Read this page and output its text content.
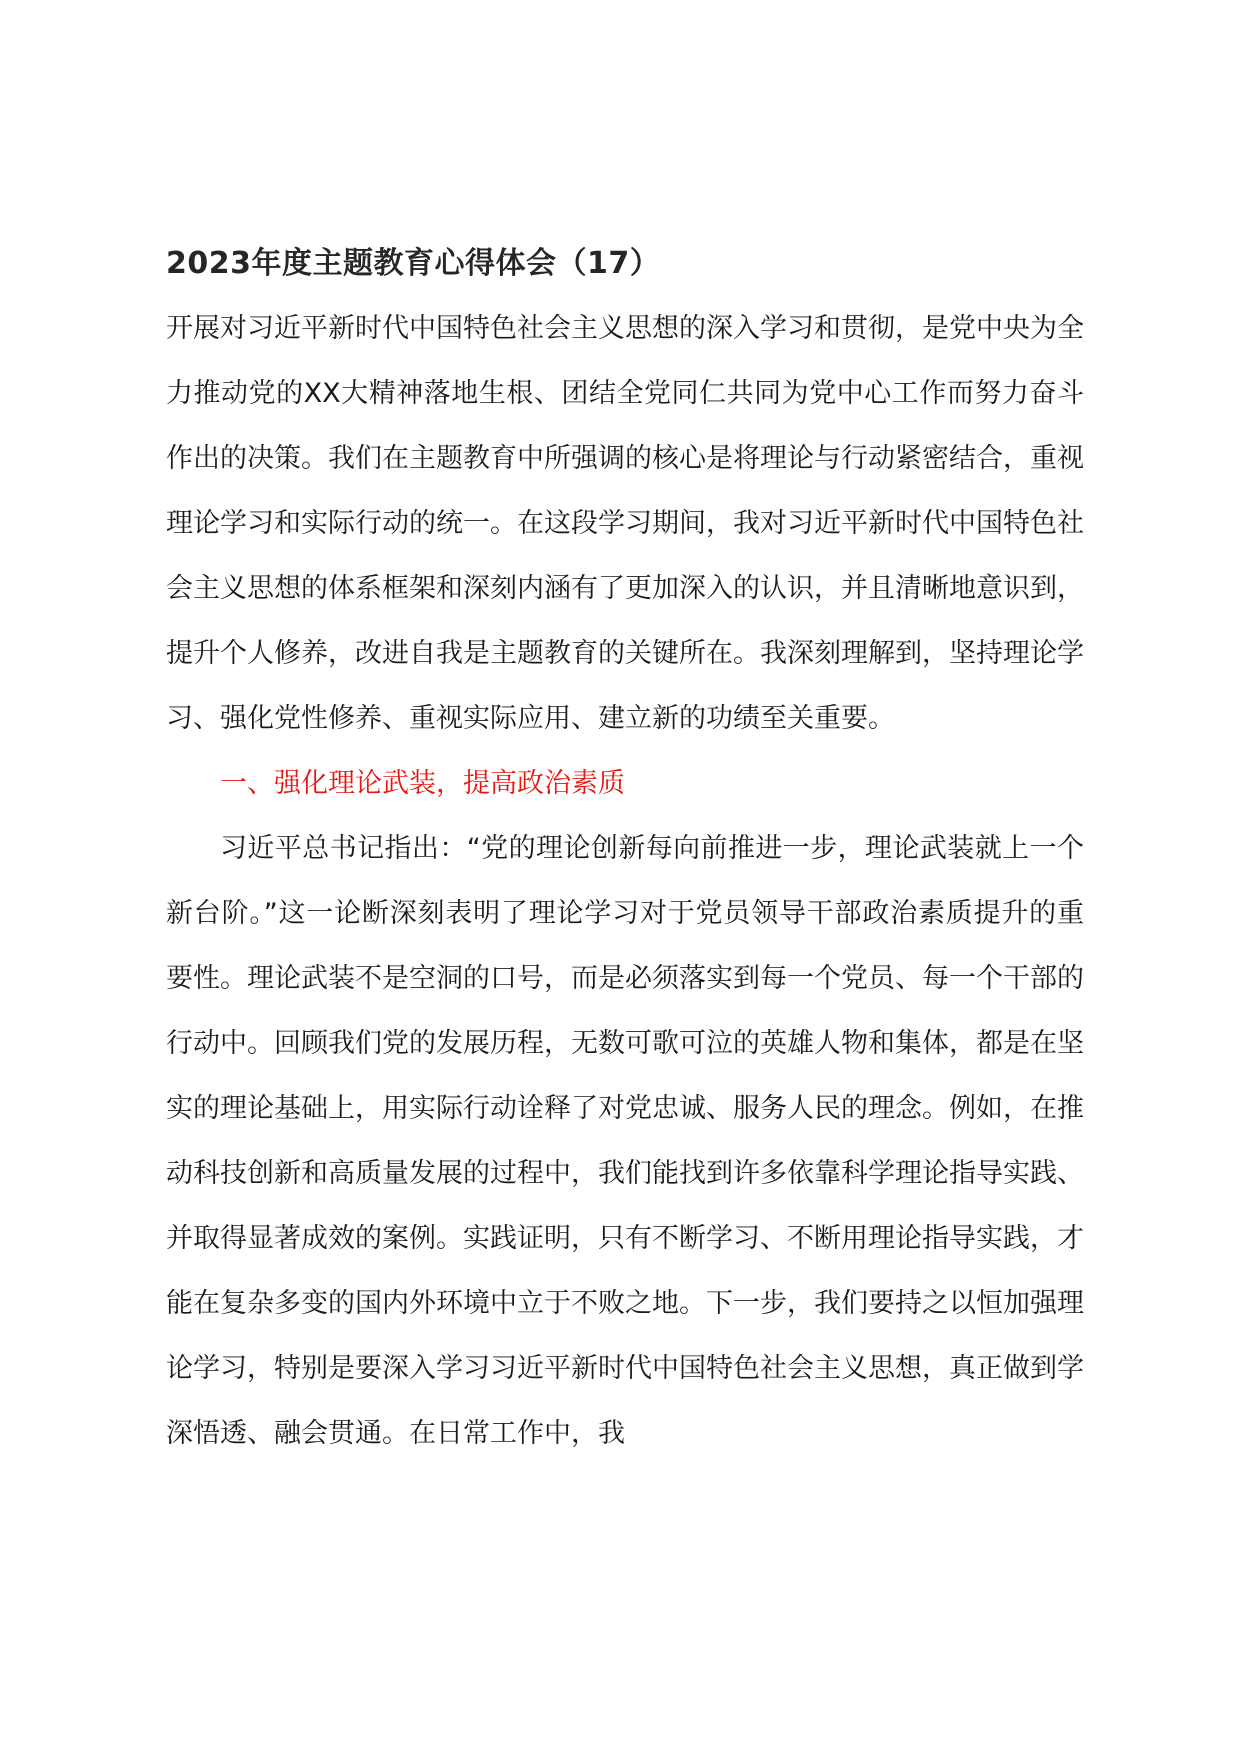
2023年度主题教育心得体会（17）

开展对习近平新时代中国特色社会主义思想的深入学习和贯彻，是党中央为全力推动党的XX大精神落地生根、团结全党同仁共同为党中心工作而努力奋斗作出的决策。我们在主题教育中所强调的核心是将理论与行动紧密结合，重视理论学习和实际行动的统一。在这段学习期间，我对习近平新时代中国特色社会主义思想的体系框架和深刻内涵有了更加深入的认识，并且清晰地意识到，提升个人修养，改进自我是主题教育的关键所在。我深刻理解到，坚持理论学习、强化党性修养、重视实际应用、建立新的功绩至关重要。

一、强化理论武装，提高政治素质

习近平总书记指出：“党的理论创新每向前推进一步，理论武装就上一个新台阶。”这一论断深刻表明了理论学习对于党员领导干部政治素质提升的重要性。理论武装不是空洞的口号，而是必须落实到每一个党员、每一个干部的行动中。回顾我们党的发展历程，无数可歌可泣的英雄人物和集体，都是在坚实的理论基础上，用实际行动诠释了对党忠诚、服务人民的理念。例如，在推动科技创新和高质量发展的过程中，我们能找到许多依靠科学理论指导实践、并取得显著成效的案例。实践证明，只有不断学习、不断用理论指导实践，才能在复杂多变的国内外环境中立于不败之地。下一步，我们要持之以恒加强理论学习，特别是要深入学习习近平新时代中国特色社会主义思想，真正做到学深悟透、融会贯通。在日常工作中，我
